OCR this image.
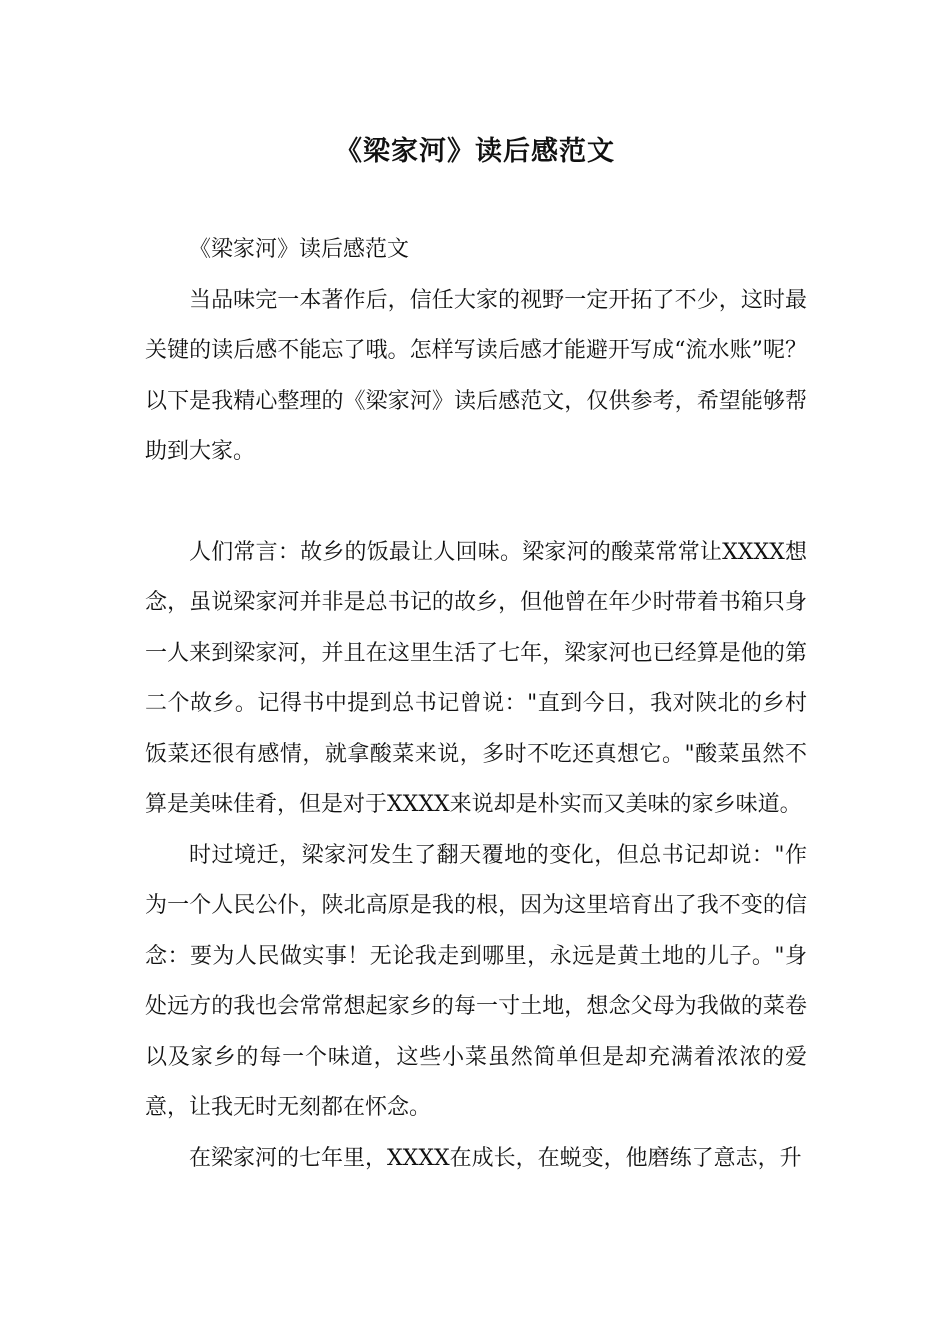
《梁家河》读后感范文

《梁家河》读后感范文

当品味完一本著作后，信任大家的视野一定开拓了不少，这时最关键的读后感不能忘了哦。怎样写读后感才能避开写成“流水账”呢？以下是我精心整理的《梁家河》读后感范文，仅供参考，希望能够帮助到大家。

人们常言：故乡的饭最让人回味。梁家河的酸菜常常让XXXX想念，虽说梁家河并非是总书记的故乡，但他曾在年少时带着书箱只身一人来到梁家河，并且在这里生活了七年，梁家河也已经算是他的第二个故乡。记得书中提到总书记曾说："直到今日，我对陕北的乡村饭菜还很有感情，就拿酸菜来说，多时不吃还真想它。"酸菜虽然不算是美味佳肴，但是对于XXXX来说却是朴实而又美味的家乡味道。

时过境迁，梁家河发生了翻天覆地的变化，但总书记却说："作为一个人民公仆，陕北高原是我的根，因为这里培育出了我不变的信念：要为人民做实事！无论我走到哪里，永远是黄土地的儿子。"身处远方的我也会常常想起家乡的每一寸土地，想念父母为我做的菜卷以及家乡的每一个味道，这些小菜虽然简单但是却充满着浓浓的爱意，让我无时无刻都在怀念。

在梁家河的七年里，XXXX在成长，在蜕变，他磨练了意志，升
